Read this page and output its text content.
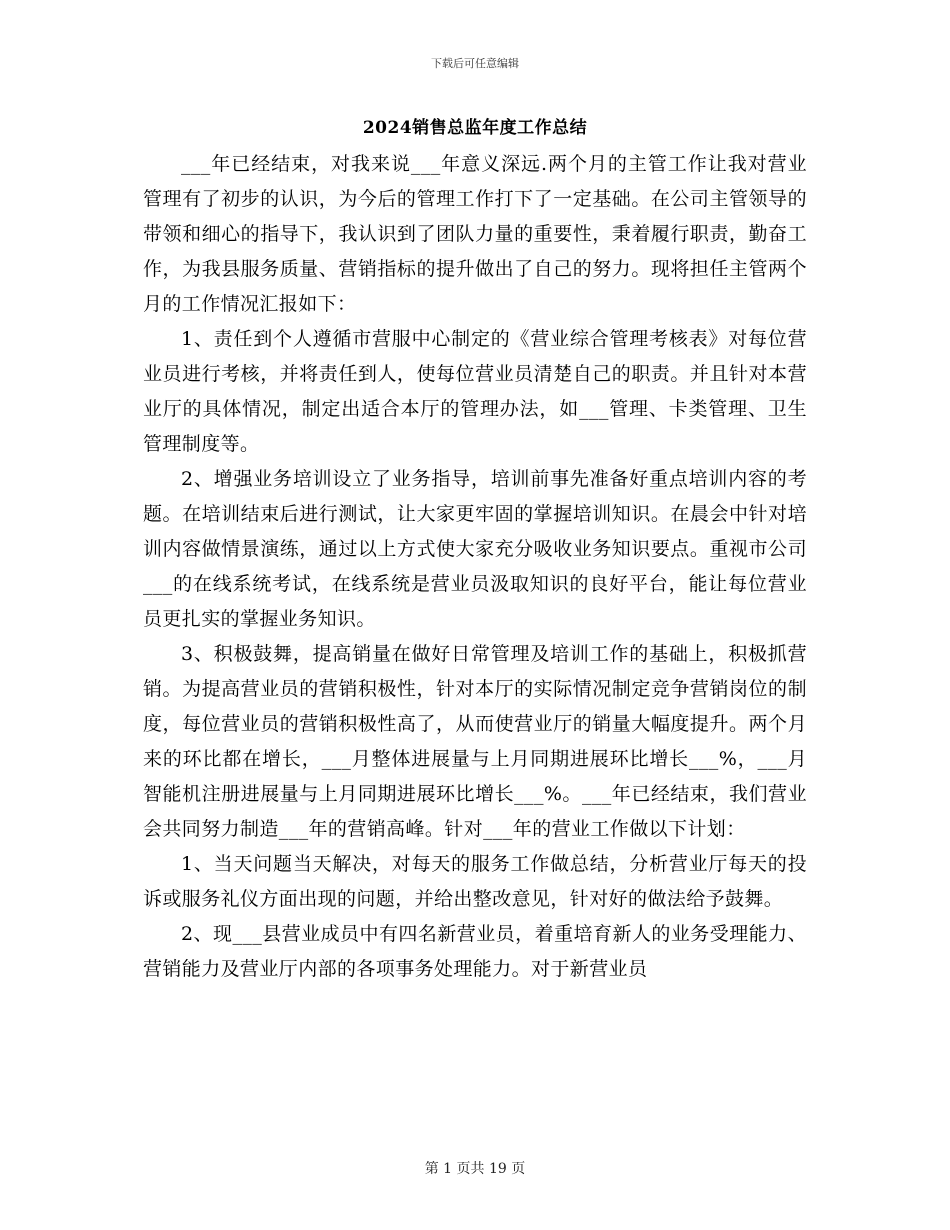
下载后可任意编辑
2024销售总监年度工作总结

___年已经结束，对我来说___年意义深远.两个月的主管工作让我对营业管理有了初步的认识，为今后的管理工作打下了一定基础。在公司主管领导的带领和细心的指导下，我认识到了团队力量的重要性，秉着履行职责，勤奋工作，为我县服务质量、营销指标的提升做出了自己的努力。现将担任主管两个月的工作情况汇报如下：

1、责任到个人遵循市营服中心制定的《营业综合管理考核表》对每位营业员进行考核，并将责任到人，使每位营业员清楚自己的职责。并且针对本营业厅的具体情况，制定出适合本厅的管理办法，如___管理、卡类管理、卫生管理制度等。

2、增强业务培训设立了业务指导，培训前事先准备好重点培训内容的考题。在培训结束后进行测试，让大家更牢固的掌握培训知识。在晨会中针对培训内容做情景演练，通过以上方式使大家充分吸收业务知识要点。重视市公司___的在线系统考试，在线系统是营业员汲取知识的良好平台，能让每位营业员更扎实的掌握业务知识。

3、积极鼓舞，提高销量在做好日常管理及培训工作的基础上，积极抓营销。为提高营业员的营销积极性，针对本厅的实际情况制定竞争营销岗位的制度，每位营业员的营销积极性高了，从而使营业厅的销量大幅度提升。两个月来的环比都在增长，___月整体进展量与上月同期进展环比增长___%，___月智能机注册进展量与上月同期进展环比增长___%。___年已经结束，我们营业会共同努力制造___年的营销高峰。针对___年的营业工作做以下计划：

1、当天问题当天解决，对每天的服务工作做总结，分析营业厅每天的投诉或服务礼仪方面出现的问题，并给出整改意见，针对好的做法给予鼓舞。

2、现___县营业成员中有四名新营业员，着重培育新人的业务受理能力、营销能力及营业厅内部的各项事务处理能力。对于新营业员

第 1 页共 19 页
